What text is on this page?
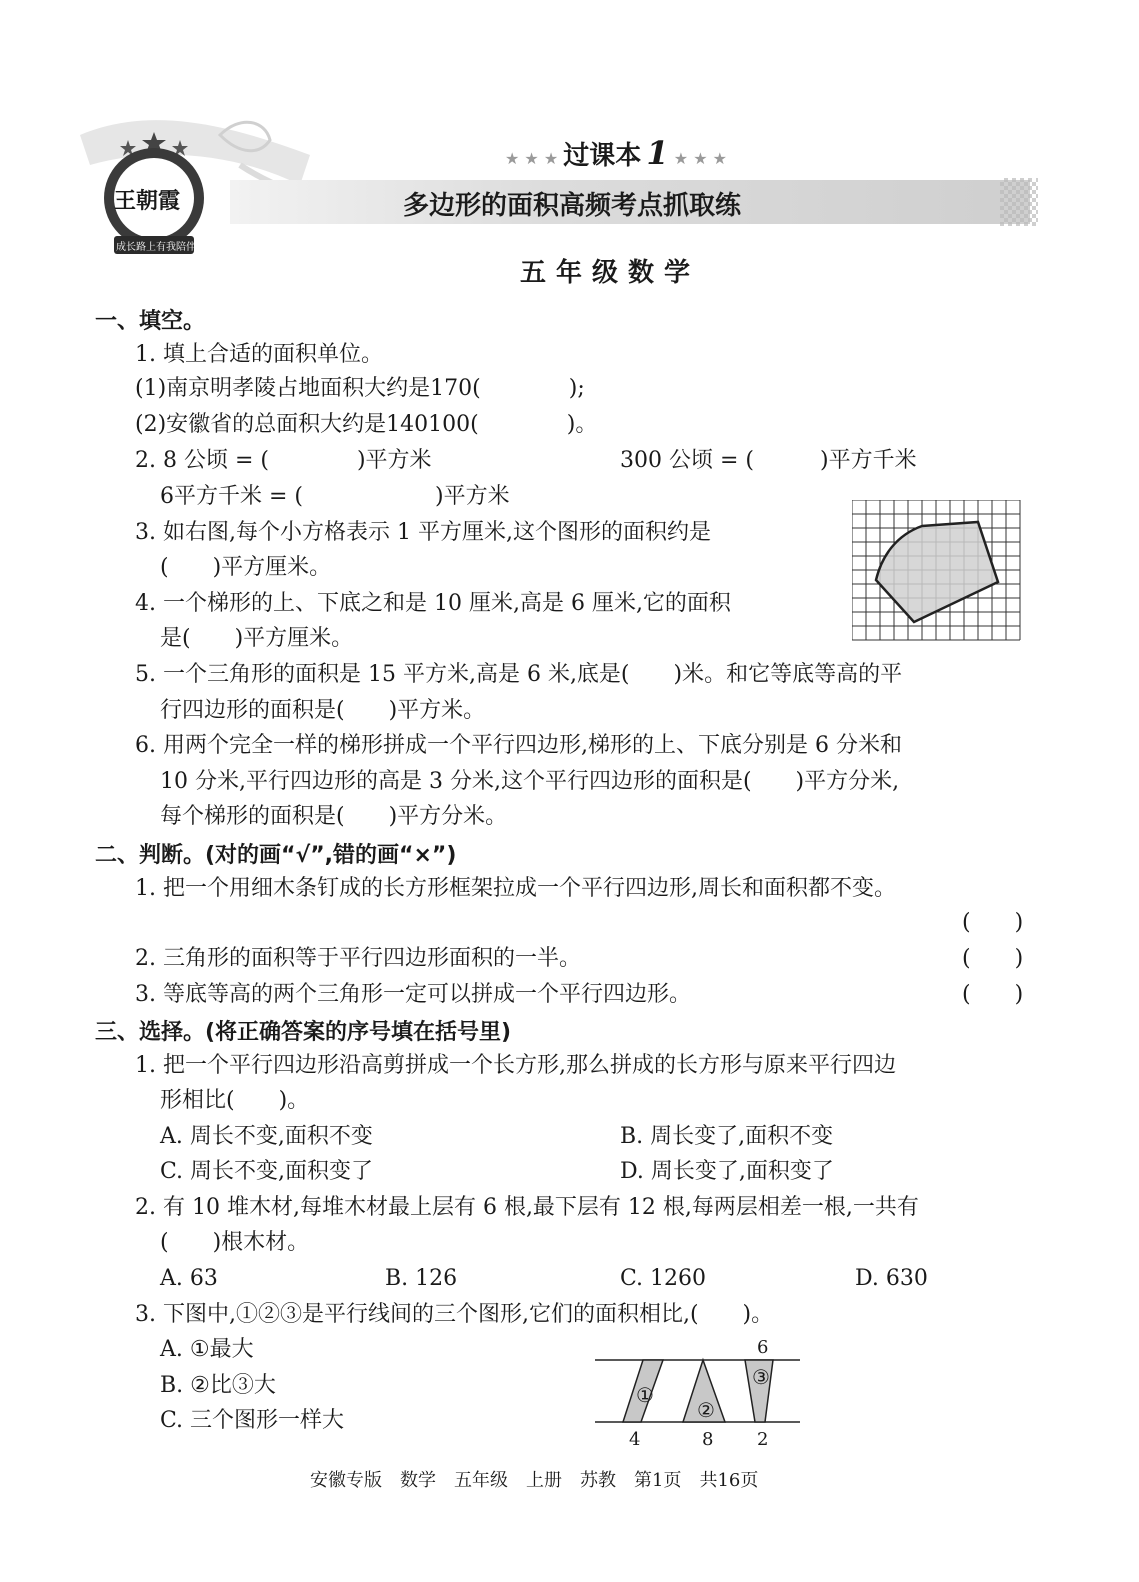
王朝霞
成长路上 有我陪伴
★ ★ ★ 过课本 1 ★ ★ ★
多边形的面积高频考点抓取练
五年级数学
一、填空。
1. 填上合适的面积单位。
(1)南京明孝陵占地面积大约是170(　　　　);
(2)安徽省的总面积大约是140100(　　　　)。
2. 8 公顷 = (　　　　)平方米	300 公顷 = (　　　)平方千米
6平方千米 = (　　　　　　)平方米
3. 如右图,每个小方格表示 1 平方厘米,这个图形的面积约是
(　　)平方厘米。
4. 一个梯形的上、下底之和是 10 厘米,高是 6 厘米,它的面积
是(　　)平方厘米。
5. 一个三角形的面积是 15 平方米,高是 6 米,底是(　　)米。和它等底等高的平
行四边形的面积是(　　)平方米。
6. 用两个完全一样的梯形拼成一个平行四边形,梯形的上、下底分别是 6 分米和
10 分米,平行四边形的高是 3 分米,这个平行四边形的面积是(　　)平方分米,
每个梯形的面积是(　　)平方分米。
二、判断。(对的画“√”,错的画“×”)
1. 把一个用细木条钉成的长方形框架拉成一个平行四边形,周长和面积都不变。
(　　)
2. 三角形的面积等于平行四边形面积的一半。	(　　)
3. 等底等高的两个三角形一定可以拼成一个平行四边形。	(　　)
三、选择。(将正确答案的序号填在括号里)
1. 把一个平行四边形沿高剪拼成一个长方形,那么拼成的长方形与原来平行四边
形相比(　　)。
A. 周长不变,面积不变	B. 周长变了,面积不变
C. 周长不变,面积变了	D. 周长变了,面积变了
2. 有 10 堆木材,每堆木材最上层有 6 根,最下层有 12 根,每两层相差一根,一共有
(　　)根木材。
A. 63	B. 126	C. 1260	D. 630
3. 下图中,①②③是平行线间的三个图形,它们的面积相比,(　　)。
A. ①最大
B. ②比③大
C. 三个图形一样大
6
①
②
③
4	8 2
安徽专版　数学　五年级　上册　苏教　第1页　共16页
